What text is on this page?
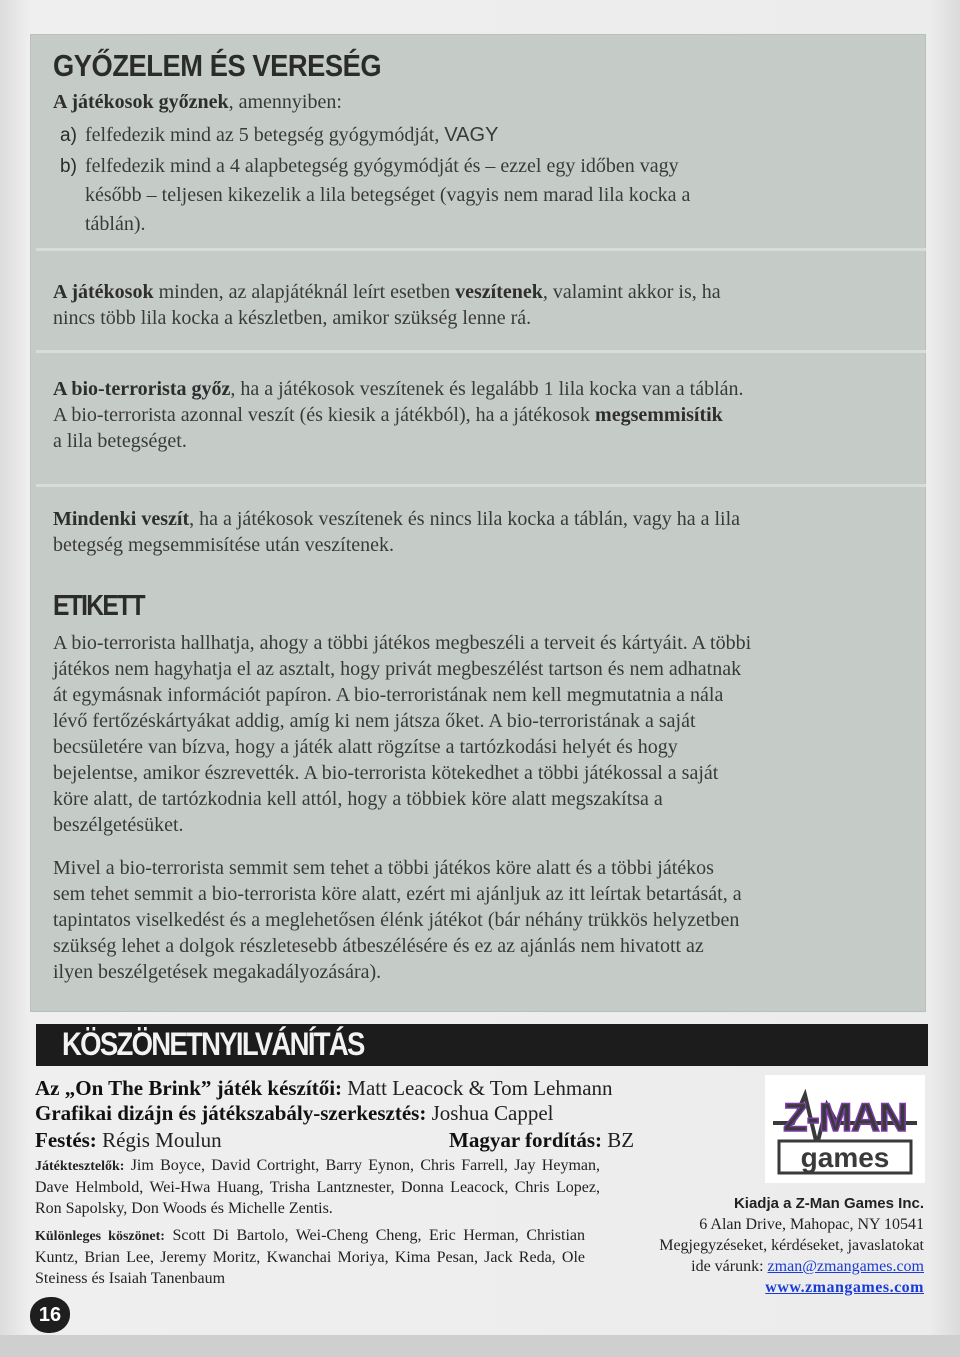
GYŐZELEM ÉS VERESÉG

A játékosok győznek, amennyiben:

a) felfedezik mind az 5 betegség gyógymódját, VAGY
b) felfedezik mind a 4 alapbetegség gyógymódját és – ezzel egy időben vagy
később – teljesen kikezelik a lila betegséget (vagyis nem marad lila kocka a
táblán).

A játékosok minden, az alapjátéknál leírt esetben veszítenek, valamint akkor is, ha
nincs több lila kocka a készletben, amikor szükség lenne rá.

A bio-terrorista győz, ha a játékosok veszítenek és legalább 1 lila kocka van a táblán.
A bio-terrorista azonnal veszít (és kiesik a játékból), ha a játékosok megsemmisítik
a lila betegséget.

Mindenki veszít, ha a játékosok veszítenek és nincs lila kocka a táblán, vagy ha a lila
betegség megsemmisítése után veszítenek.

ETIKETT
A bio-terrorista hallhatja, ahogy a többi játékos megbeszéli a terveit és kártyáit. A többi
játékos nem hagyhatja el az asztalt, hogy privát megbeszélést tartson és nem adhatnak
át egymásnak információt papíron. A bio-terroristának nem kell megmutatnia a nála
lévő fertőzéskártyákat addig, amíg ki nem játsza őket. A bio-terroristának a saját
becsületére van bízva, hogy a játék alatt rögzítse a tartózkodási helyét és hogy
bejelentse, amikor észrevették. A bio-terrorista kötekedhet a többi játékossal a saját
köre alatt, de tartózkodnia kell attól, hogy a többiek köre alatt megszakítsa a
beszélgetésüket.
Mivel a bio-terrorista semmit sem tehet a többi játékos köre alatt és a többi játékos
sem tehet semmit a bio-terrorista köre alatt, ezért mi ajánljuk az itt leírtak betartását, a
tapintatos viselkedést és a meglehetősen élénk játékot (bár néhány trükkös helyzetben
szükség lehet a dolgok részletesebb átbeszélésére és ez az ajánlás nem hivatott az
ilyen beszélgetések megakadályozására).
KÖSZÖNETNYILVÁNÍTÁS
Az „On The Brink” játék készítői: Matt Leacock & Tom Lehmann
Grafikai dizájn és játékszabály-szerkesztés: Joshua Cappel
Festés: Régis Moulun	Magyar fordítás: BZ

Játéktesztelők: Jim Boyce, David Cortright, Barry Eynon, Chris Farrell, Jay Heyman, Dave Helmbold, Wei-Hwa Huang, Trisha Lantznester, Donna Leacock, Chris Lopez, Ron Sapolsky, Don Woods és Michelle Zentis.

Különleges köszönet: Scott Di Bartolo, Wei-Cheng Cheng, Eric Herman, Christian Kuntz, Brian Lee, Jeremy Moritz, Kwanchai Moriya, Kima Pesan, Jack Reda, Ole Steiness és Isaiah Tanenbaum

Z-MAN
games
Kiadja a Z-Man Games Inc.
6 Alan Drive, Mahopac, NY 10541
Megjegyzéseket, kérdéseket, javaslatokat
ide várunk: zman@zmangames.com
www.zmangames.com
16
